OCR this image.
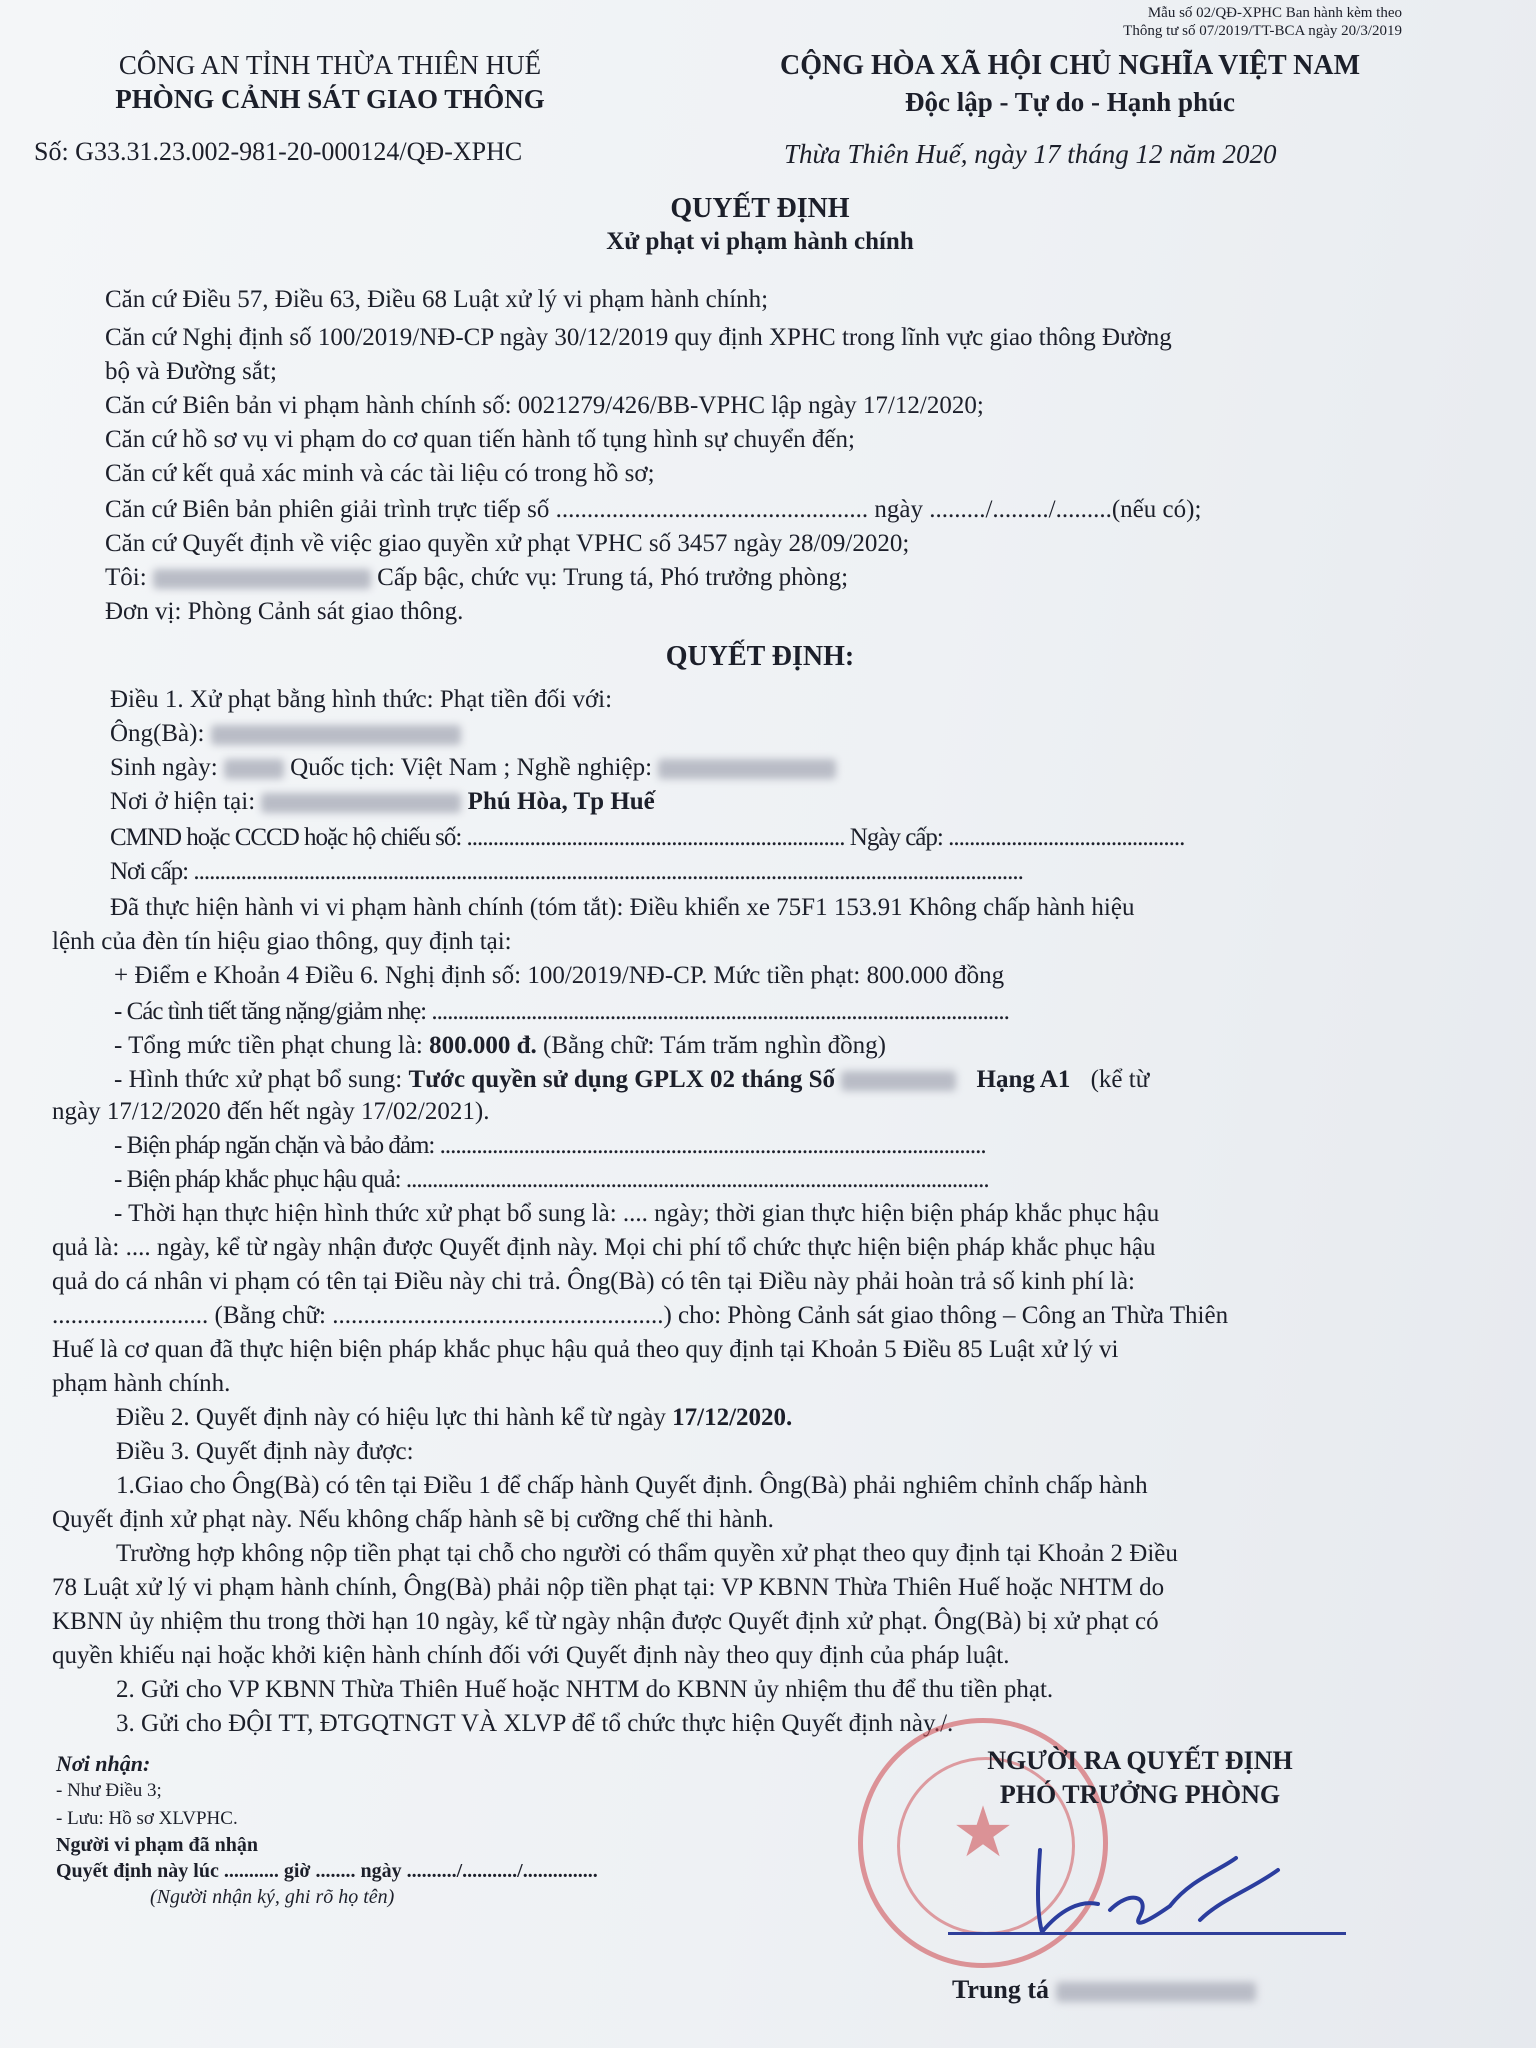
Mẫu số 02/QĐ-XPHC Ban hành kèm theo
Thông tư số 07/2019/TT-BCA ngày 20/3/2019
CÔNG AN TỈNH THỪA THIÊN HUẾ
PHÒNG CẢNH SÁT GIAO THÔNG
Số: G33.31.23.002-981-20-000124/QĐ-XPHC
CỘNG HÒA XÃ HỘI CHỦ NGHĨA VIỆT NAM
Độc lập - Tự do - Hạnh phúc
Thừa Thiên Huế, ngày 17 tháng 12 năm 2020
QUYẾT ĐỊNH
Xử phạt vi phạm hành chính
Căn cứ Điều 57, Điều 63, Điều 68 Luật xử lý vi phạm hành chính;
Căn cứ Nghị định số 100/2019/NĐ-CP ngày 30/12/2019 quy định XPHC trong lĩnh vực giao thông Đường
bộ và Đường sắt;
Căn cứ Biên bản vi phạm hành chính số: 0021279/426/BB-VPHC lập ngày 17/12/2020;
Căn cứ hồ sơ vụ vi phạm do cơ quan tiến hành tố tụng hình sự chuyển đến;
Căn cứ kết quả xác minh và các tài liệu có trong hồ sơ;
Căn cứ Biên bản phiên giải trình trực tiếp số .................................................. ngày ........./........./.........(nếu có);
Căn cứ Quyết định về việc giao quyền xử phạt VPHC số 3457 ngày 28/09/2020;
Tôi:	Cấp bậc, chức vụ: Trung tá, Phó trưởng phòng;
Đơn vị: Phòng Cảnh sát giao thông.
QUYẾT ĐỊNH:
Điều 1. Xử phạt bằng hình thức: Phạt tiền đối với:
Ông(Bà):
Sinh ngày:	Quốc tịch: Việt Nam ; Nghề nghiệp:
Nơi ở hiện tại:	Phú Hòa, Tp Huế
CMND hoặc CCCD hoặc hộ chiếu số: ........................................................................ Ngày cấp: .............................................
Nơi cấp: ..............................................................................................................................................................
Đã thực hiện hành vi vi phạm hành chính (tóm tắt): Điều khiển xe 75F1 153.91 Không chấp hành hiệu
lệnh của đèn tín hiệu giao thông, quy định tại:
+ Điểm e Khoản 4 Điều 6. Nghị định số: 100/2019/NĐ-CP. Mức tiền phạt: 800.000 đồng
- Các tình tiết tăng nặng/giảm nhẹ: ..............................................................................................................
- Tổng mức tiền phạt chung là: 800.000 đ. (Bằng chữ: Tám trăm nghìn đồng)
- Hình thức xử phạt bổ sung: Tước quyền sử dụng GPLX 02 tháng Số	Hạng A1 (kể từ
ngày 17/12/2020 đến hết ngày 17/02/2021).
- Biện pháp ngăn chặn và bảo đảm: ........................................................................................................
- Biện pháp khắc phục hậu quả: ...............................................................................................................
- Thời hạn thực hiện hình thức xử phạt bổ sung là: .... ngày; thời gian thực hiện biện pháp khắc phục hậu
quả là: .... ngày, kể từ ngày nhận được Quyết định này. Mọi chi phí tổ chức thực hiện biện pháp khắc phục hậu
quả do cá nhân vi phạm có tên tại Điều này chi trả. Ông(Bà) có tên tại Điều này phải hoàn trả số kinh phí là:
......................... (Bằng chữ: .....................................................) cho: Phòng Cảnh sát giao thông – Công an Thừa Thiên
Huế là cơ quan đã thực hiện biện pháp khắc phục hậu quả theo quy định tại Khoản 5 Điều 85 Luật xử lý vi
phạm hành chính.
Điều 2. Quyết định này có hiệu lực thi hành kể từ ngày 17/12/2020.
Điều 3. Quyết định này được:
1.Giao cho Ông(Bà) có tên tại Điều 1 để chấp hành Quyết định. Ông(Bà) phải nghiêm chỉnh chấp hành
Quyết định xử phạt này. Nếu không chấp hành sẽ bị cưỡng chế thi hành.
Trường hợp không nộp tiền phạt tại chỗ cho người có thẩm quyền xử phạt theo quy định tại Khoản 2 Điều
78 Luật xử lý vi phạm hành chính, Ông(Bà) phải nộp tiền phạt tại: VP KBNN Thừa Thiên Huế hoặc NHTM do
KBNN ủy nhiệm thu trong thời hạn 10 ngày, kể từ ngày nhận được Quyết định xử phạt. Ông(Bà) bị xử phạt có
quyền khiếu nại hoặc khởi kiện hành chính đối với Quyết định này theo quy định của pháp luật.
2. Gửi cho VP KBNN Thừa Thiên Huế hoặc NHTM do KBNN ủy nhiệm thu để thu tiền phạt.
3. Gửi cho ĐỘI TT, ĐTGQTNGT VÀ XLVP để tổ chức thực hiện Quyết định này./.
Nơi nhận:
- Như Điều 3;
- Lưu: Hồ sơ XLVPHC.
Người vi phạm đã nhận
Quyết định này lúc ........... giờ ........ ngày ........../.........../...............
(Người nhận ký, ghi rõ họ tên)
★
NGƯỜI RA QUYẾT ĐỊNH
PHÓ TRƯỞNG PHÒNG
Trung tá
